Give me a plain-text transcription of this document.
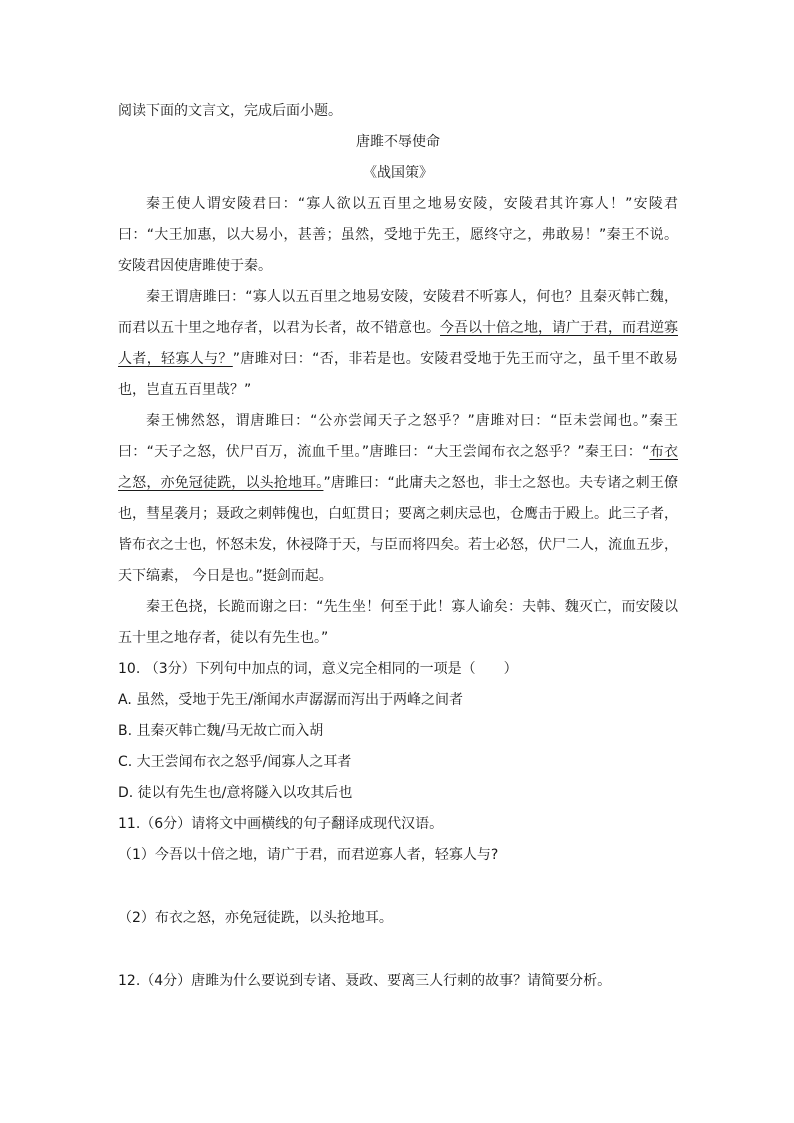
阅读下面的文言文，完成后面小题。
唐雎不辱使命
《战国策》
秦王使人谓安陵君曰：“寡人欲以五百里之地易安陵，安陵君其许寡人！”安陵君曰：“大王加惠，以大易小，甚善；虽然，受地于先王，愿终守之，弗敢易！”秦王不说。安陵君因使唐雎使于秦。
秦王谓唐雎曰：“寡人以五百里之地易安陵，安陵君不听寡人，何也？且秦灭韩亡魏，而君以五十里之地存者，以君为长者，故不错意也。今吾以十倍之地，请广于君，而君逆寡人者，轻寡人与？”唐雎对曰：“否，非若是也。安陵君受地于先王而守之，虽千里不敢易也，岂直五百里哉？”
秦王怫然怒，谓唐雎曰：“公亦尝闻天子之怒乎？”唐雎对曰：“臣未尝闻也。”秦王曰：“天子之怒，伏尸百万，流血千里。”唐雎曰：“大王尝闻布衣之怒乎？”秦王曰：“布衣之怒，亦免冠徒跣，以头抢地耳。”唐雎曰：“此庸夫之怒也，非士之怒也。夫专诸之刺王僚也，彗星袭月；聂政之刺韩傀也，白虹贯日；要离之刺庆忌也，仓鹰击于殿上。此三子者，皆布衣之士也，怀怒未发，休祲降于天，与臣而将四矣。若士必怒，伏尸二人，流血五步，天下缟素， 今日是也。”挺剑而起。
秦王色挠，长跪而谢之曰：“先生坐！何至于此！寡人谕矣：夫韩、魏灭亡，而安陵以五十里之地存者，徒以有先生也。”
10. （3分）下列句中加点的词，意义完全相同的一项是（　　）
A. 虽然，受地于先王/渐闻水声潺潺而泻出于两峰之间者
B. 且秦灭韩亡魏/马无故亡而入胡
C. 大王尝闻布衣之怒乎/闻寡人之耳者
D. 徒以有先生也/意将隧入以攻其后也
11.（6分）请将文中画横线的句子翻译成现代汉语。
（1）今吾以十倍之地，请广于君，而君逆寡人者，轻寡人与?
（2）布衣之怒，亦免冠徒跣，以头抢地耳。
12.（4分）唐雎为什么要说到专诸、聂政、要离三人行刺的故事？请简要分析。
